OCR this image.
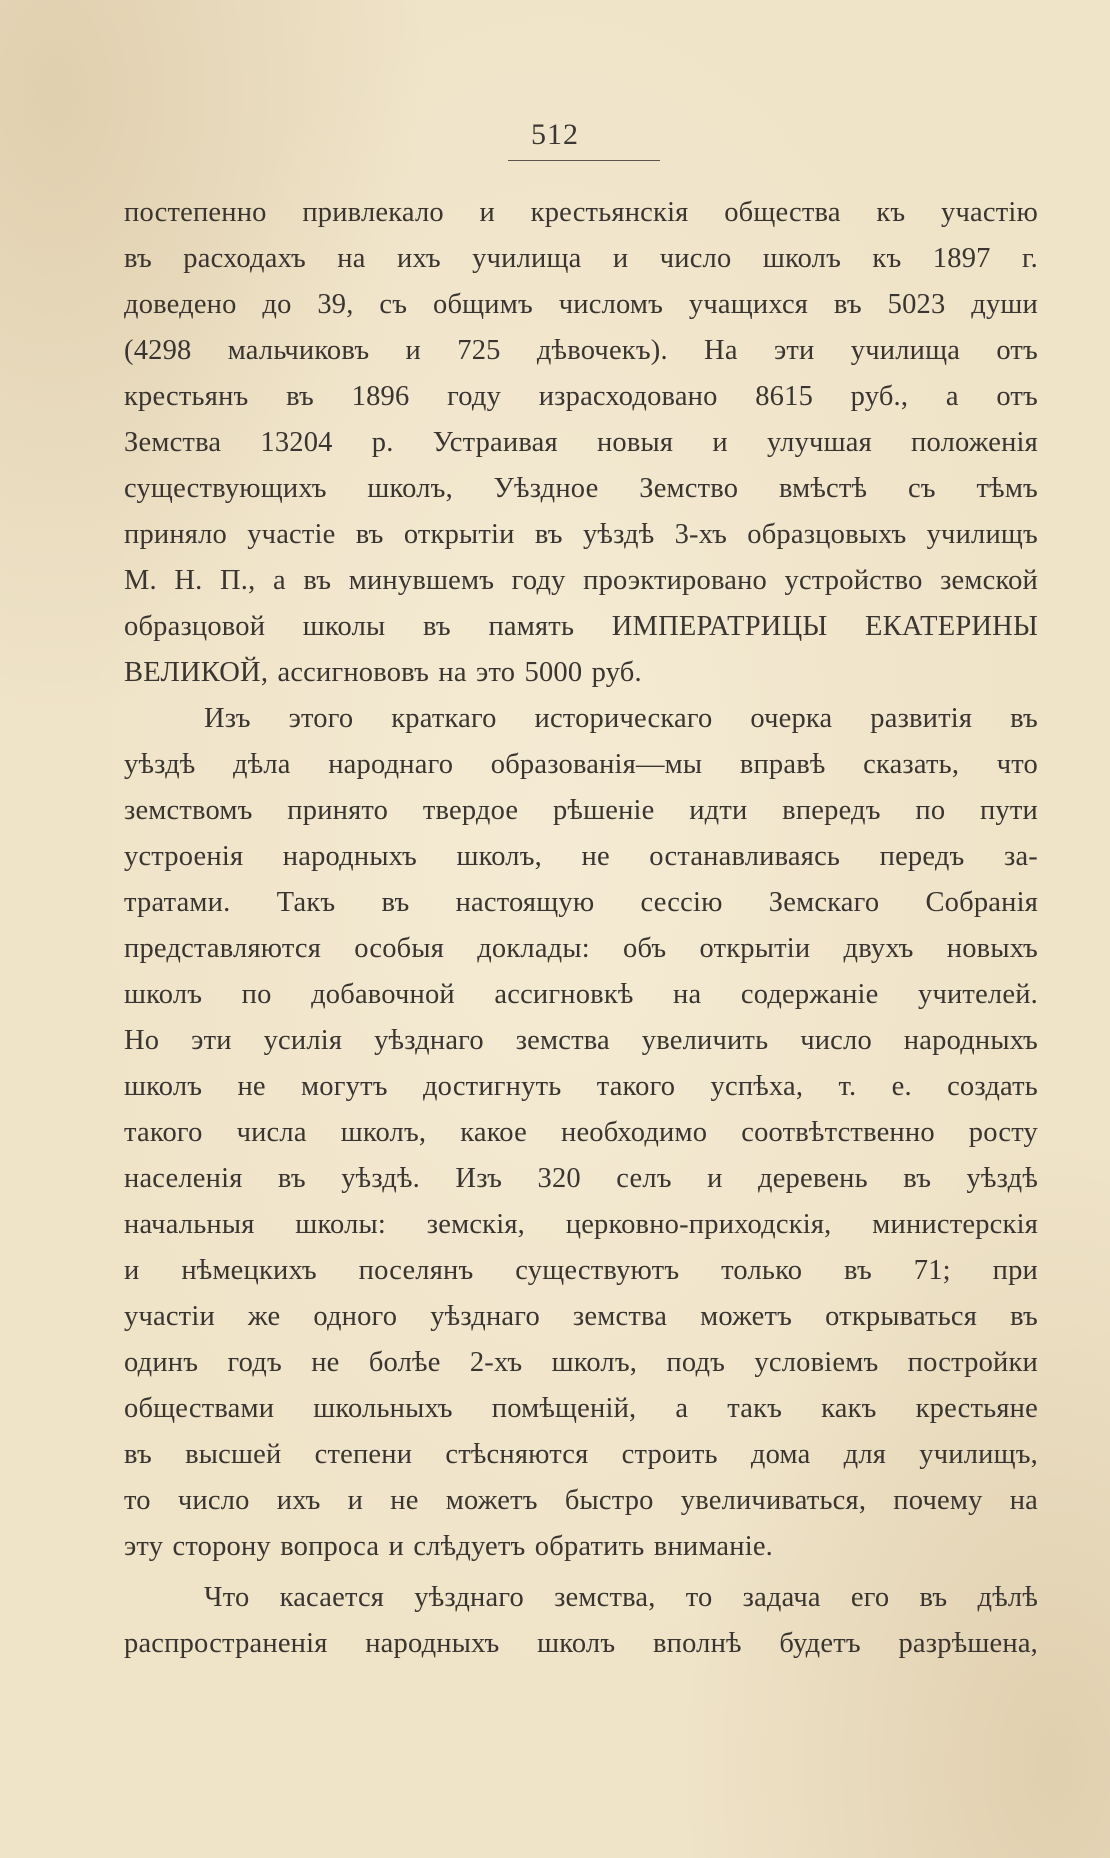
512
постепенно привлекало и крестьянскія общества къ участію
въ расходахъ на ихъ училища и число школъ къ 1897 г.
доведено до 39, съ общимъ числомъ учащихся въ 5023 души
(4298 мальчиковъ и 725 дѣвочекъ). На эти училища отъ
крестьянъ въ 1896 году израсходовано 8615 руб., а отъ
Земства 13204 р. Устраивая новыя и улучшая положенія
существующихъ школъ, Уѣздное Земство вмѣстѣ съ тѣмъ
приняло участіе въ открытіи въ уѣздѣ 3-хъ образцовыхъ училищъ
М. Н. П., а въ минувшемъ году проэктировано устройство земской
образцовой школы въ память ИМПЕРАТРИЦЫ ЕКАТЕРИНЫ
ВЕЛИКОЙ, ассигнововъ на это 5000 руб.
Изъ этого краткаго историческаго очерка развитія въ
уѣздѣ дѣла народнаго образованія—мы вправѣ сказать, что
земствомъ принято твердое рѣшеніе идти впередъ по пути
устроенія народныхъ школъ, не останавливаясь передъ за-
тратами. Такъ въ настоящую сессію Земскаго Собранія
представляются особыя доклады: объ открытіи двухъ новыхъ
школъ по добавочной ассигновкѣ на содержаніе учителей.
Но эти усилія уѣзднаго земства увеличить число народныхъ
школъ не могутъ достигнуть такого успѣха, т. е. создать
такого числа школъ, какое необходимо соотвѣтственно росту
населенія въ уѣздѣ. Изъ 320 селъ и деревень въ уѣздѣ
начальныя школы: земскія, церковно-приходскія, министерскія
и нѣмецкихъ поселянъ существуютъ только въ 71; при
участіи же одного уѣзднаго земства можетъ открываться въ
одинъ годъ не болѣе 2-хъ школъ, подъ условіемъ постройки
обществами школьныхъ помѣщеній, а такъ какъ крестьяне
въ высшей степени стѣсняются строить дома для училищъ,
то число ихъ и не можетъ быстро увеличиваться, почему на
эту сторону вопроса и слѣдуетъ обратить вниманіе.
Что касается уѣзднаго земства, то задача его въ дѣлѣ
распространенія народныхъ школъ вполнѣ будетъ разрѣшена,
